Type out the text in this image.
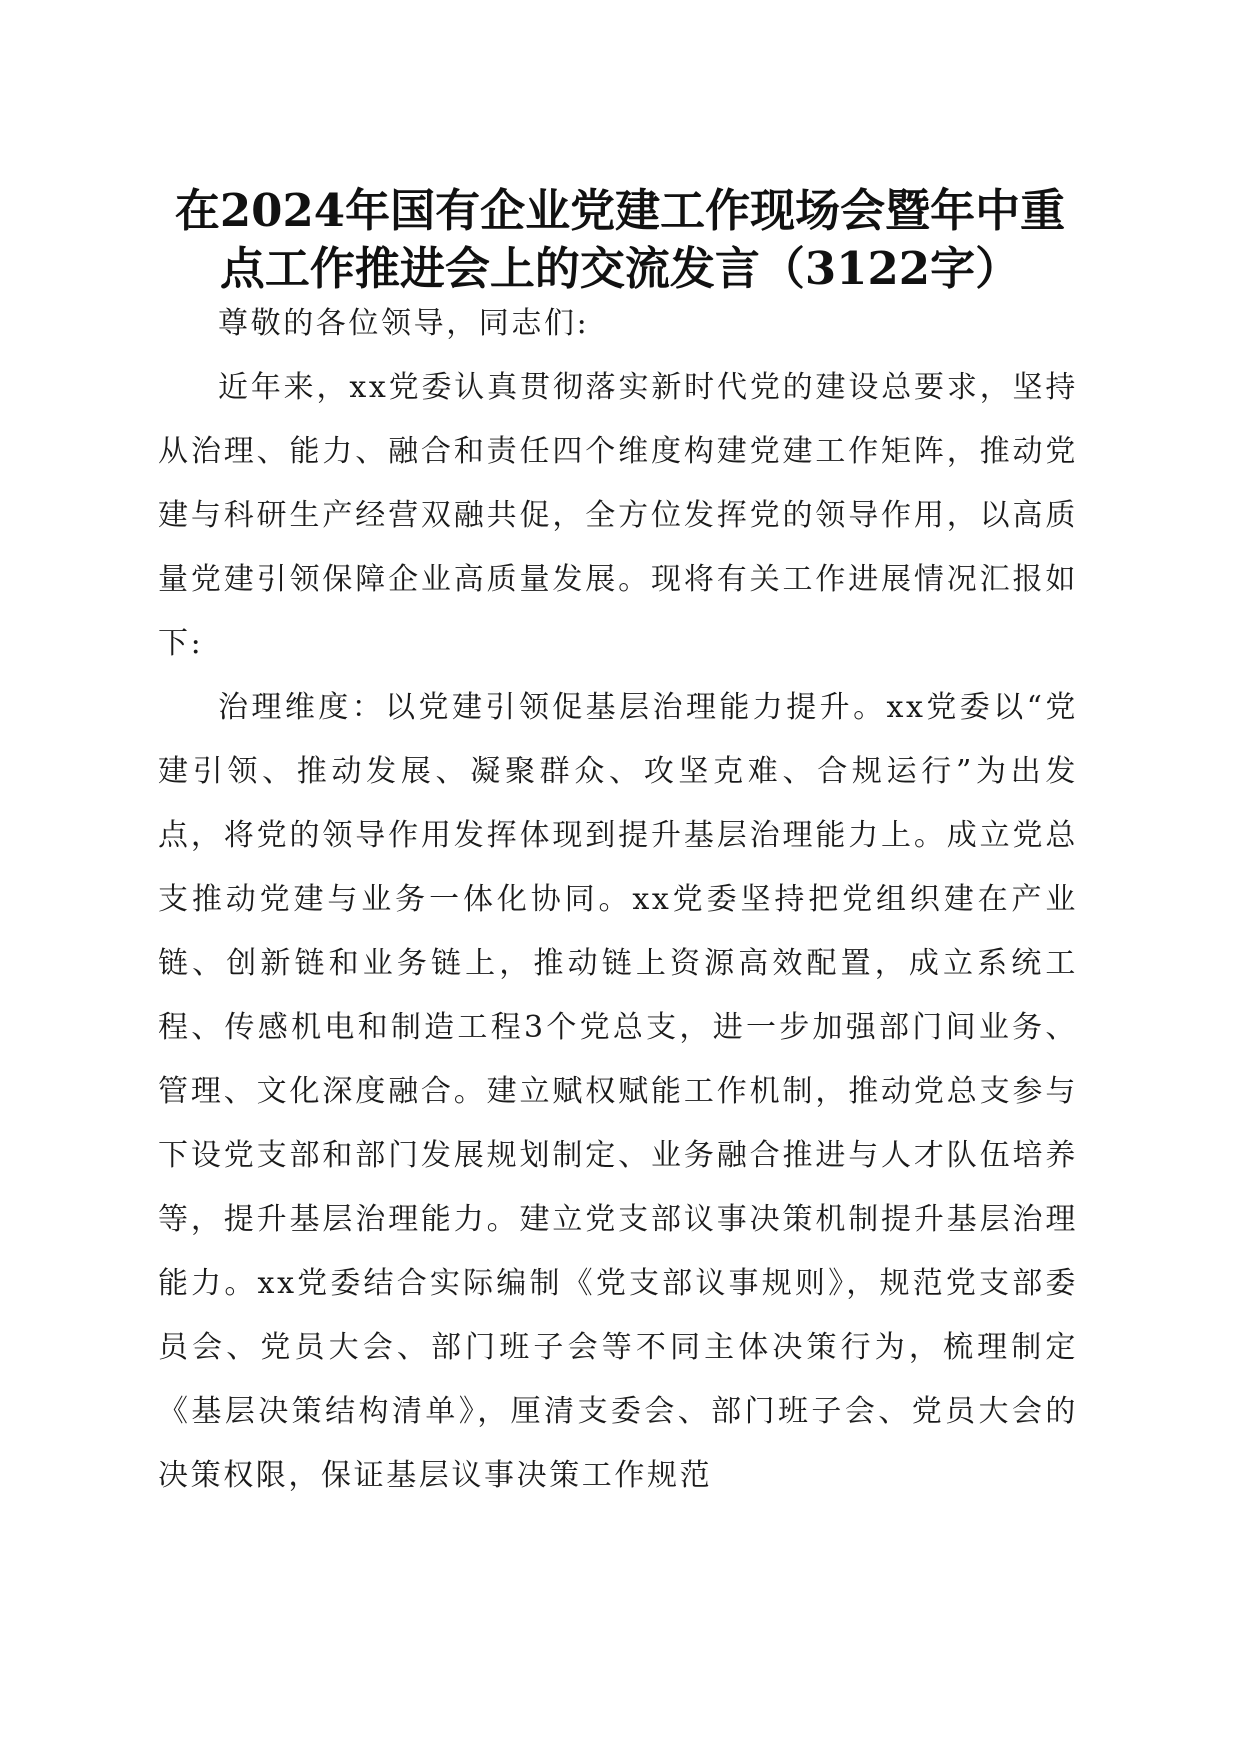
在2024年国有企业党建工作现场会暨年中重
点工作推进会上的交流发言（3122字）

尊敬的各位领导，同志们:

近年来，xx党委认真贯彻落实新时代党的建设总要求，坚持从治理、能力、融合和责任四个维度构建党建工作矩阵，推动党建与科研生产经营双融共促，全方位发挥党的领导作用，以高质量党建引领保障企业高质量发展。现将有关工作进展情况汇报如下:

治理维度：以党建引领促基层治理能力提升。xx党委以“党建引领、推动发展、凝聚群众、攻坚克难、合规运行”为出发点，将党的领导作用发挥体现到提升基层治理能力上。成立党总支推动党建与业务一体化协同。xx党委坚持把党组织建在产业链、创新链和业务链上，推动链上资源高效配置，成立系统工程、传感机电和制造工程3个党总支，进一步加强部门间业务、管理、文化深度融合。建立赋权赋能工作机制，推动党总支参与下设党支部和部门发展规划制定、业务融合推进与人才队伍培养等，提升基层治理能力。建立党支部议事决策机制提升基层治理能力。xx党委结合实际编制《党支部议事规则》，规范党支部委员会、党员大会、部门班子会等不同主体决策行为，梳理制定《基层决策结构清单》，厘清支委会、部门班子会、党员大会的决策权限，保证基层议事决策工作规范
